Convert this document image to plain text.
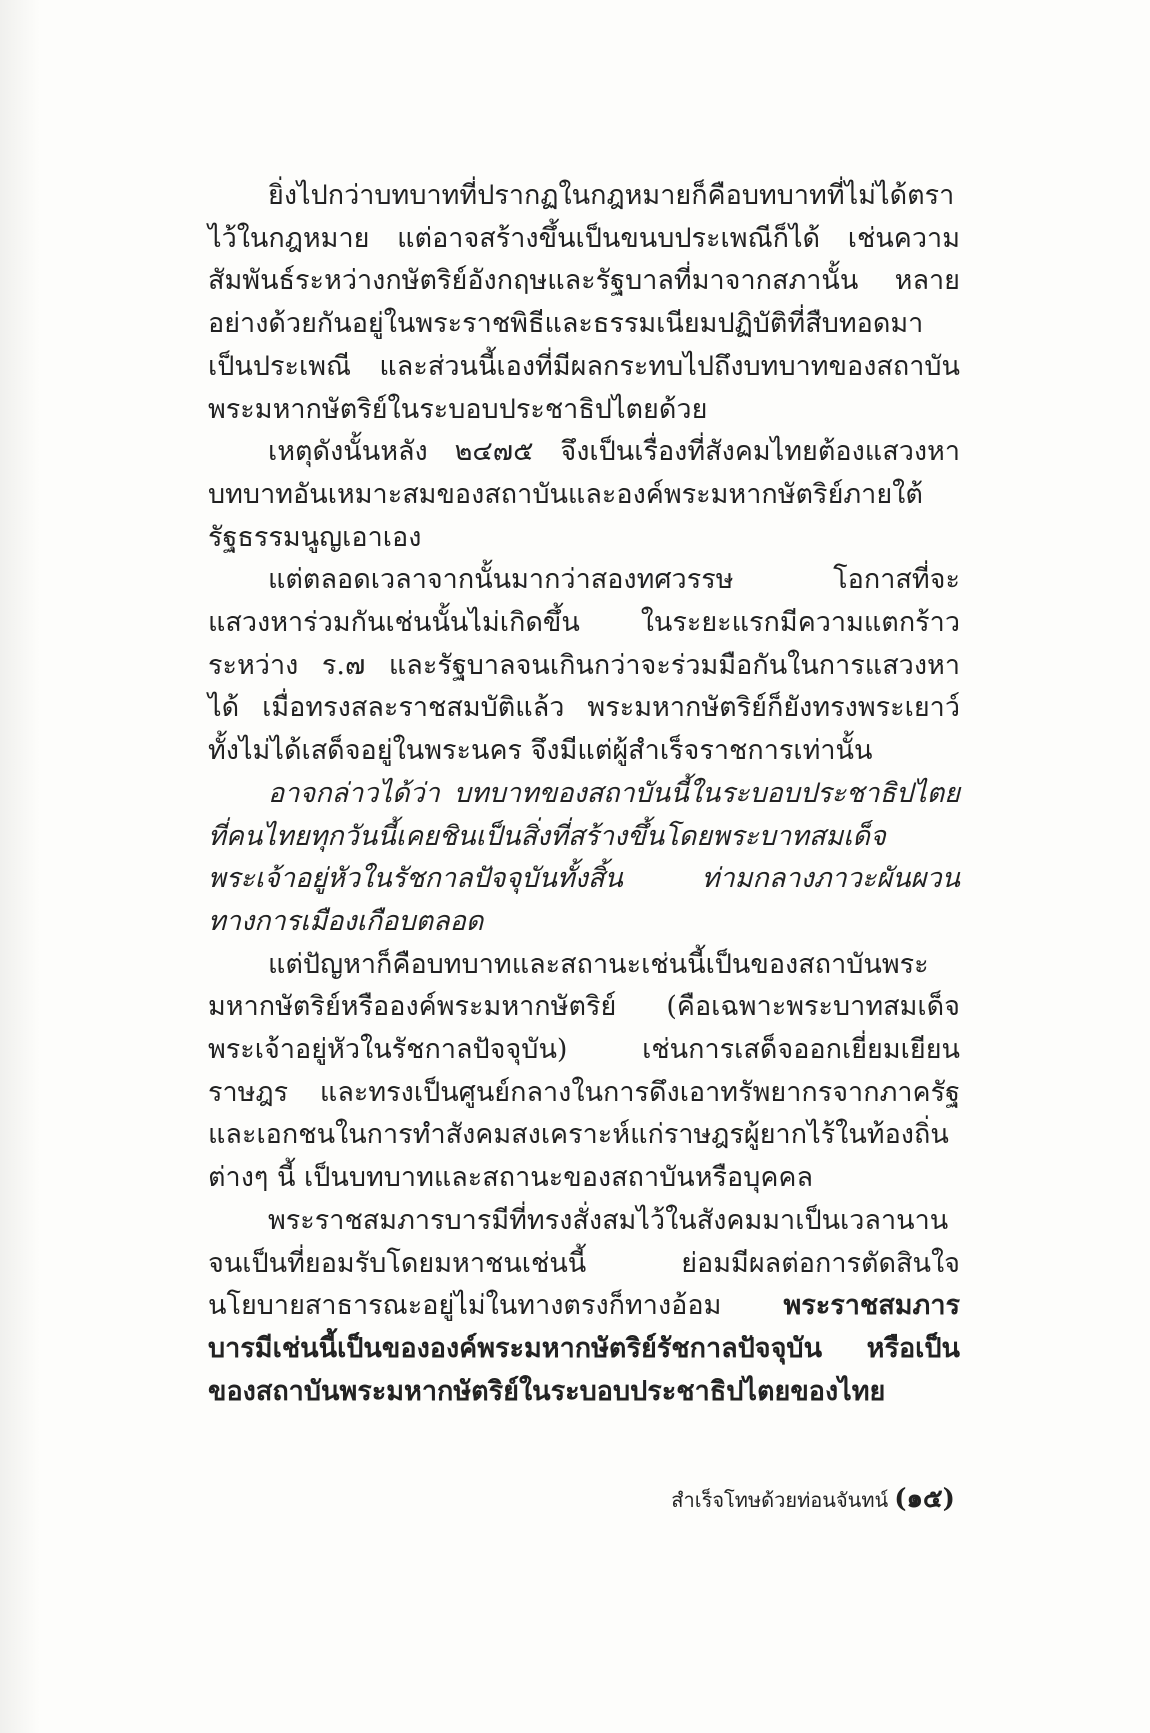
ยิ่งไปกว่าบทบาทที่ปรากฏในกฎหมายก็คือบทบาทที่ไม่ได้ตราไว้ในกฎหมาย แต่อาจสร้างขึ้นเป็นขนบประเพณีก็ได้ เช่นความสัมพันธ์ระหว่างกษัตริย์อังกฤษและรัฐบาลที่มาจากสภานั้น หลายอย่างด้วยกันอยู่ในพระราชพิธีและธรรมเนียมปฏิบัติที่สืบทอดมาเป็นประเพณี และส่วนนี้เองที่มีผลกระทบไปถึงบทบาทของสถาบันพระมหากษัตริย์ในระบอบประชาธิปไตยด้วย

เหตุดังนั้นหลัง ๒๔๗๕ จึงเป็นเรื่องที่สังคมไทยต้องแสวงหาบทบาทอันเหมาะสมของสถาบันและองค์พระมหากษัตริย์ภายใต้รัฐธรรมนูญเอาเอง

แต่ตลอดเวลาจากนั้นมากว่าสองทศวรรษ โอกาสที่จะแสวงหาร่วมกันเช่นนั้นไม่เกิดขึ้น ในระยะแรกมีความแตกร้าวระหว่าง ร.๗ และรัฐบาลจนเกินกว่าจะร่วมมือกันในการแสวงหาได้ เมื่อทรงสละราชสมบัติแล้ว พระมหากษัตริย์ก็ยังทรงพระเยาว์ ทั้งไม่ได้เสด็จอยู่ในพระนคร จึงมีแต่ผู้สำเร็จราชการเท่านั้น

อาจกล่าวได้ว่า บทบาทของสถาบันนี้ในระบอบประชาธิปไตยที่คนไทยทุกวันนี้เคยชินเป็นสิ่งที่สร้างขึ้นโดยพระบาทสมเด็จพระเจ้าอยู่หัวในรัชกาลปัจจุบันทั้งสิ้น ท่ามกลางภาวะผันผวนทางการเมืองเกือบตลอด

แต่ปัญหาก็คือบทบาทและสถานะเช่นนี้เป็นของสถาบันพระมหากษัตริย์หรือองค์พระมหากษัตริย์ (คือเฉพาะพระบาทสมเด็จพระเจ้าอยู่หัวในรัชกาลปัจจุบัน) เช่นการเสด็จออกเยี่ยมเยียนราษฎร และทรงเป็นศูนย์กลางในการดึงเอาทรัพยากรจากภาครัฐและเอกชนในการทำสังคมสงเคราะห์แก่ราษฎรผู้ยากไร้ในท้องถิ่นต่างๆ นี้ เป็นบทบาทและสถานะของสถาบันหรือบุคคล

พระราชสมภารบารมีที่ทรงสั่งสมไว้ในสังคมมาเป็นเวลานานจนเป็นที่ยอมรับโดยมหาชนเช่นนี้ ย่อมมีผลต่อการตัดสินใจนโยบายสาธารณะอยู่ไม่ในทางตรงก็ทางอ้อม พระราชสมภารบารมีเช่นนี้เป็นขององค์พระมหากษัตริย์รัชกาลปัจจุบัน หรือเป็นของสถาบันพระมหากษัตริย์ในระบอบประชาธิปไตยของไทย

สำเร็จโทษด้วยท่อนจันทน์ (๑๕)
